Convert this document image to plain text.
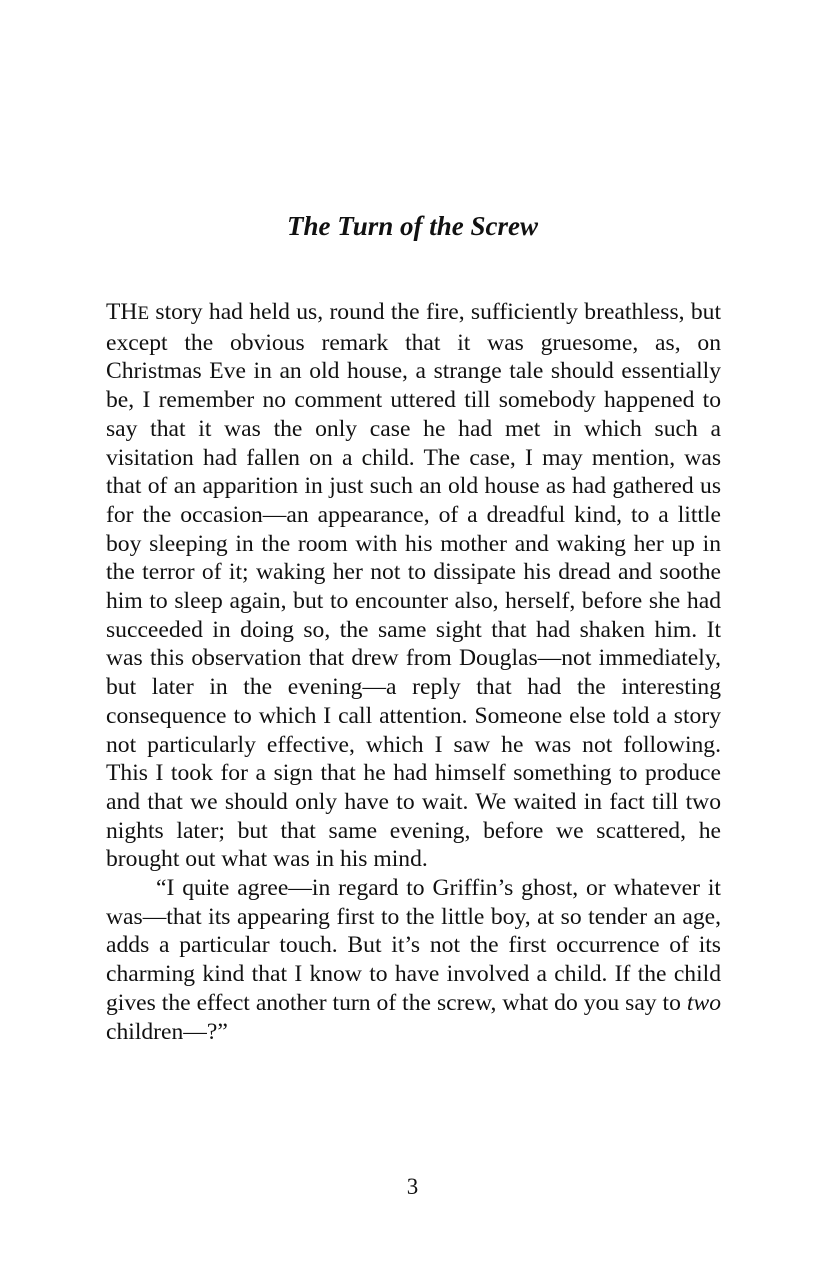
The Turn of the Screw

THE story had held us, round the fire, sufficiently breathless, but except the obvious remark that it was gruesome, as, on Christmas Eve in an old house, a strange tale should essentially be, I remember no comment uttered till somebody happened to say that it was the only case he had met in which such a visitation had fallen on a child. The case, I may mention, was that of an apparition in just such an old house as had gathered us for the occasion—an appearance, of a dreadful kind, to a little boy sleeping in the room with his mother and waking her up in the terror of it; waking her not to dissipate his dread and soothe him to sleep again, but to encounter also, herself, before she had succeeded in doing so, the same sight that had shaken him. It was this observation that drew from Douglas—not immediately, but later in the evening—a reply that had the interesting consequence to which I call attention. Someone else told a story not particularly effective, which I saw he was not following. This I took for a sign that he had himself something to produce and that we should only have to wait. We waited in fact till two nights later; but that same evening, before we scattered, he brought out what was in his mind.

“I quite agree—in regard to Griffin’s ghost, or whatever it was—that its appearing first to the little boy, at so tender an age, adds a particular touch. But it’s not the first occurrence of its charming kind that I know to have involved a child. If the child gives the effect another turn of the screw, what do you say to two children—?”

3
